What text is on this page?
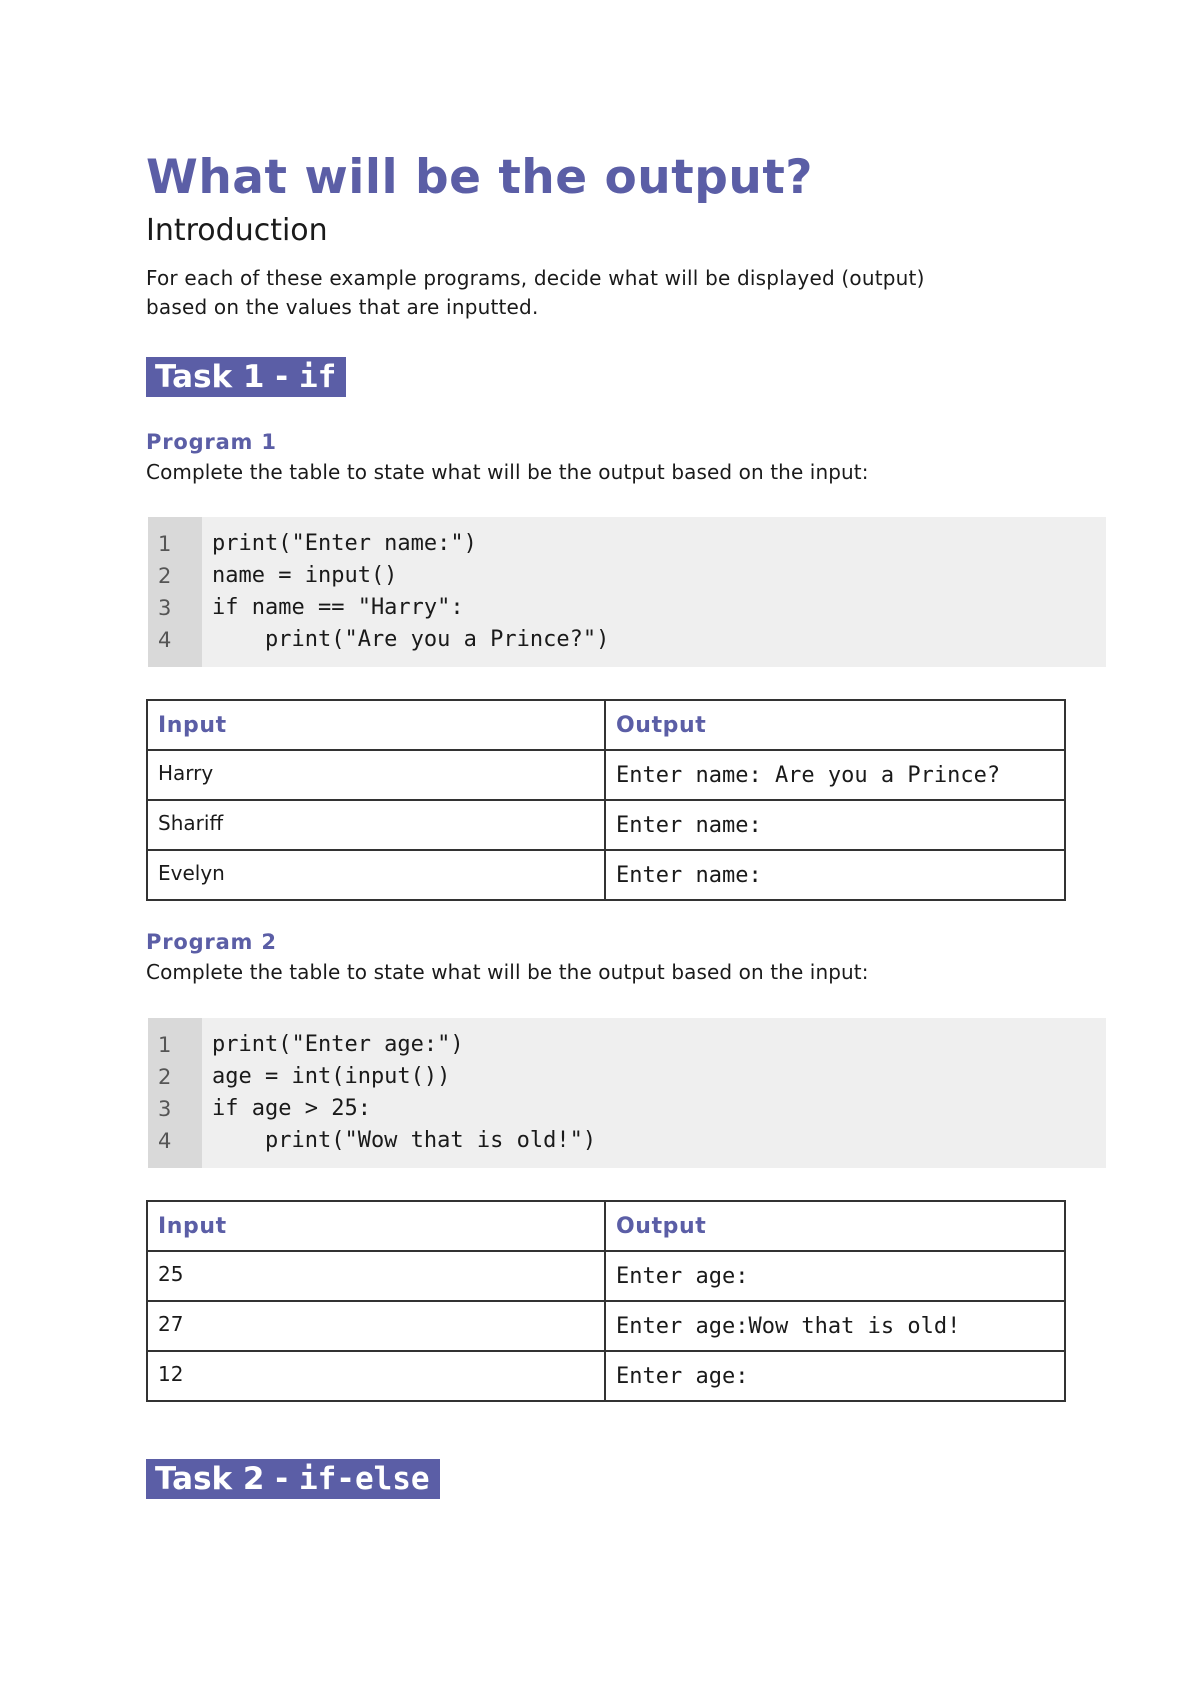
What will be the output?
Introduction

For each of these example programs, decide what will be displayed (output)
based on the values that are inputted.

Task 1 - if
Program 1

Complete the table to state what will be the output based on the input:

1
2
3
4
print("Enter name:")
name = input()
if name == "Harry":
print("Are you a Prince?")
Input	Output
Harry	Enter name: Are you a Prince?
Shariff	Enter name:
Evelyn	Enter name:
Program 2

Complete the table to state what will be the output based on the input:

1
2
3
4
print("Enter age:")
age = int(input())
if age > 25:
print("Wow that is old!")
Input	Output
25	Enter age:
27	Enter age:Wow that is old!
12	Enter age:
Task 2 - if-else
